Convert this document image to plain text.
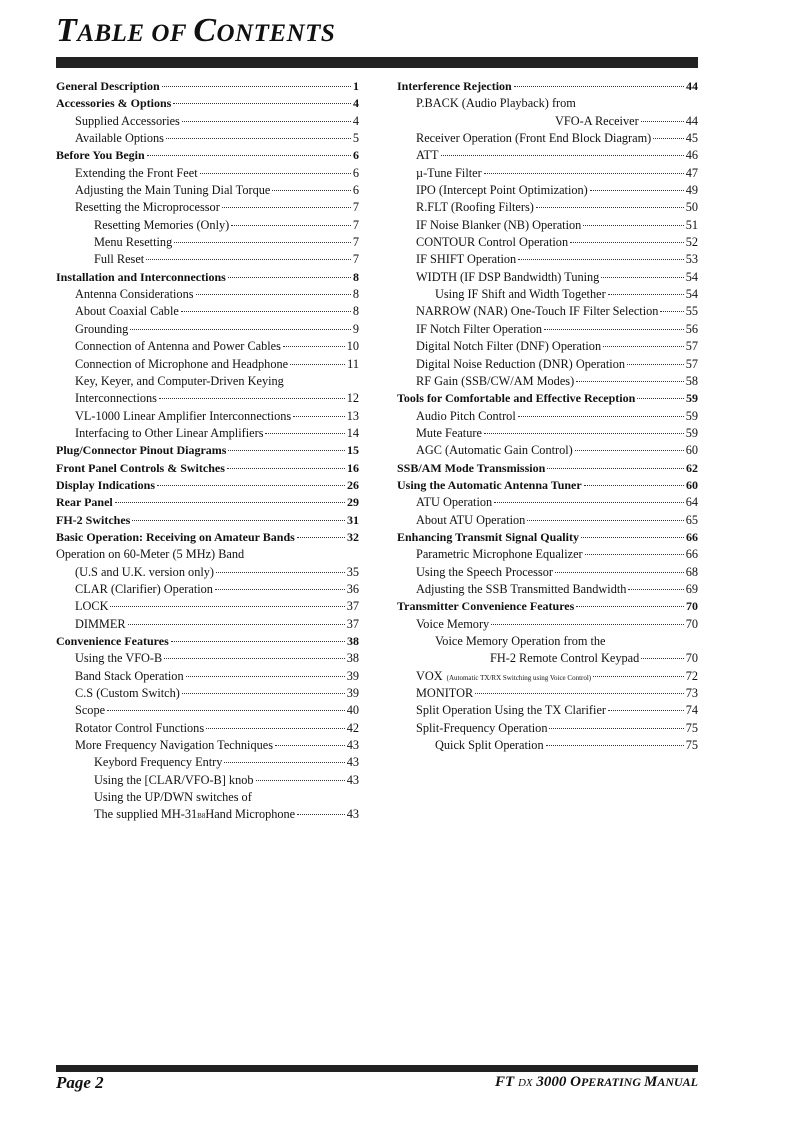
TABLE OF CONTENTS
General Description	1
Accessories & Options	4
Supplied Accessories	4
Available Options	5
Before You Begin	6
Extending the Front Feet	6
Adjusting the Main Tuning Dial Torque	6
Resetting the Microprocessor	7
Resetting Memories (Only)	7
Menu Resetting	7
Full Reset	7
Installation and Interconnections	8
Antenna Considerations	8
About Coaxial Cable	8
Grounding	9
Connection of Antenna and Power Cables	10
Connection of Microphone and Headphone	11
Key, Keyer, and Computer-Driven Keying
Interconnections	12
VL-1000 Linear Amplifier Interconnections	13
Interfacing to Other Linear Amplifiers	14
Plug/Connector Pinout Diagrams	15
Front Panel Controls & Switches	16
Display Indications	26
Rear Panel	29
FH-2 Switches	31
Basic Operation: Receiving on Amateur Bands	32
Operation on 60-Meter (5 MHz) Band
(U.S and U.K. version only)	35
CLAR (Clarifier) Operation	36
LOCK	37
DIMMER	37
Convenience Features	38
Using the VFO-B	38
Band Stack Operation	39
C.S (Custom Switch)	39
Scope	40
Rotator Control Functions	42
More Frequency Navigation Techniques	43
Keybord Frequency Entry	43
Using the [CLAR/VFO-B] knob	43
Using the UP/DWN switches of
The supplied MH-31 B8 Hand Microphone	43
Interference Rejection	44
P.BACK (Audio Playback) from
VFO-A Receiver	44
Receiver Operation (Front End Block Diagram)	45
ATT	46
µ-Tune Filter	47
IPO (Intercept Point Optimization)	49
R.FLT (Roofing Filters)	50
IF Noise Blanker (NB) Operation	51
CONTOUR Control Operation	52
IF SHIFT Operation	53
WIDTH (IF DSP Bandwidth) Tuning	54
Using IF Shift and Width Together	54
NARROW (NAR) One-Touch IF Filter Selection 55
IF Notch Filter Operation	56
Digital Notch Filter (DNF) Operation	57
Digital Noise Reduction (DNR) Operation	57
RF Gain (SSB/CW/AM Modes)	58
Tools for Comfortable and Effective Reception	59
Audio Pitch Control	59
Mute Feature	59
AGC (Automatic Gain Control)	60
SSB/AM Mode Transmission	62
Using the Automatic Antenna Tuner	60
ATU Operation	64
About ATU Operation	65
Enhancing Transmit Signal Quality	66
Parametric Microphone Equalizer	66
Using the Speech Processor	68
Adjusting the SSB Transmitted Bandwidth	69
Transmitter Convenience Features	70
Voice Memory	70
Voice Memory Operation from the
FH-2 Remote Control Keypad	70
VOX (Automatic TX/RX Switching using Voice Control)	72
MONITOR	73
Split Operation Using the TX Clarifier	74
Split-Frequency Operation	75
Quick Split Operation	75
Page 2	FT DX 3000 OPERATING MANUAL
